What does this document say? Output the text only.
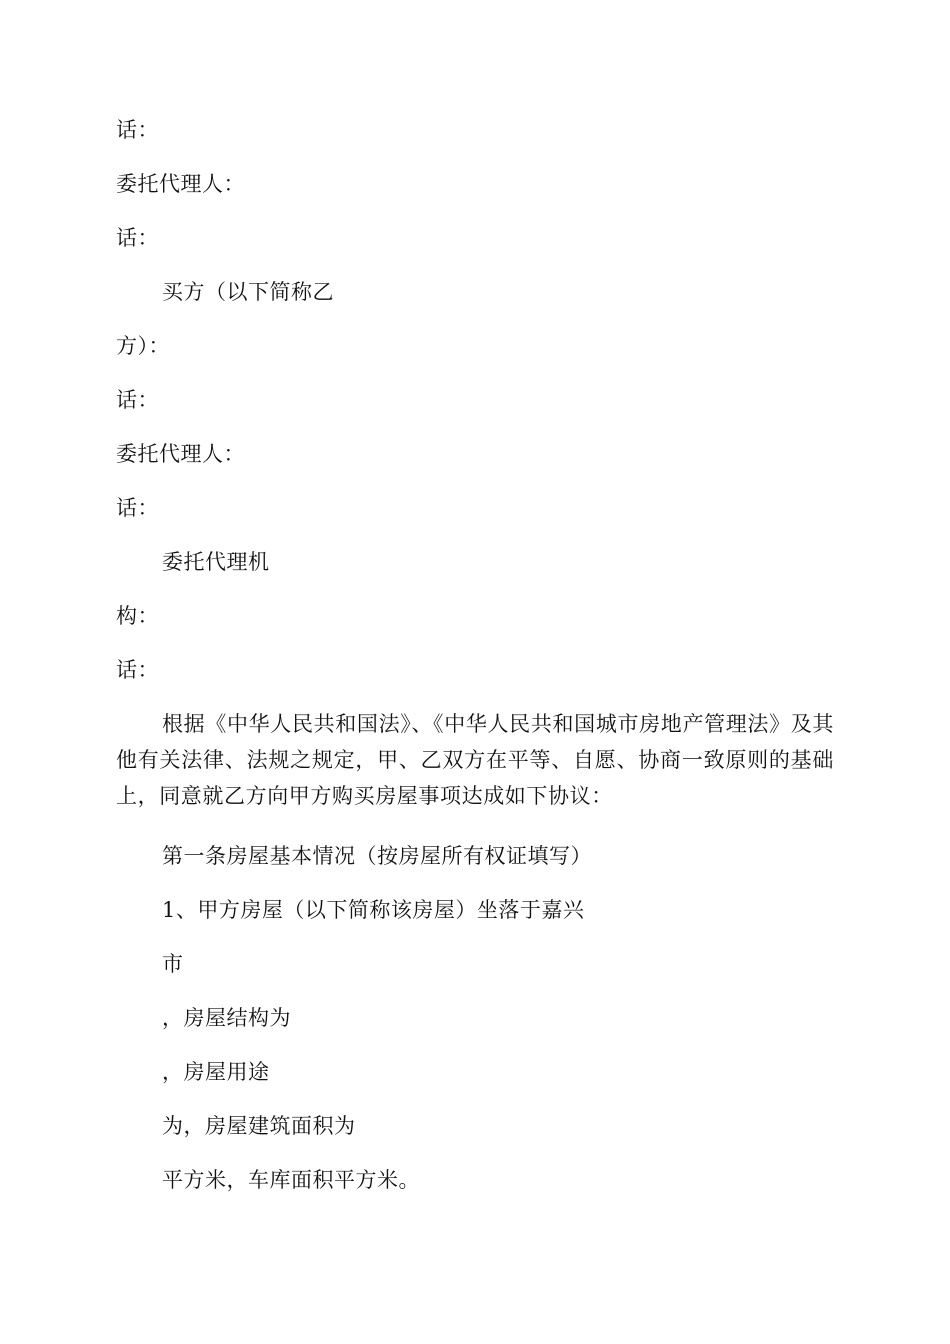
话：
委托代理人：
话：
买方（以下简称乙
方）：
话：
委托代理人：
话：
委托代理机
构：
话：
根据《中华人民共和国法》、《中华人民共和国城市房地产管理法》及其他有关法律、法规之规定，甲、乙双方在平等、自愿、协商一致原则的基础上，同意就乙方向甲方购买房屋事项达成如下协议：
第一条房屋基本情况（按房屋所有权证填写）
1、甲方房屋（以下简称该房屋）坐落于嘉兴
市
，房屋结构为
，房屋用途
为，房屋建筑面积为
平方米，车库面积平方米。
